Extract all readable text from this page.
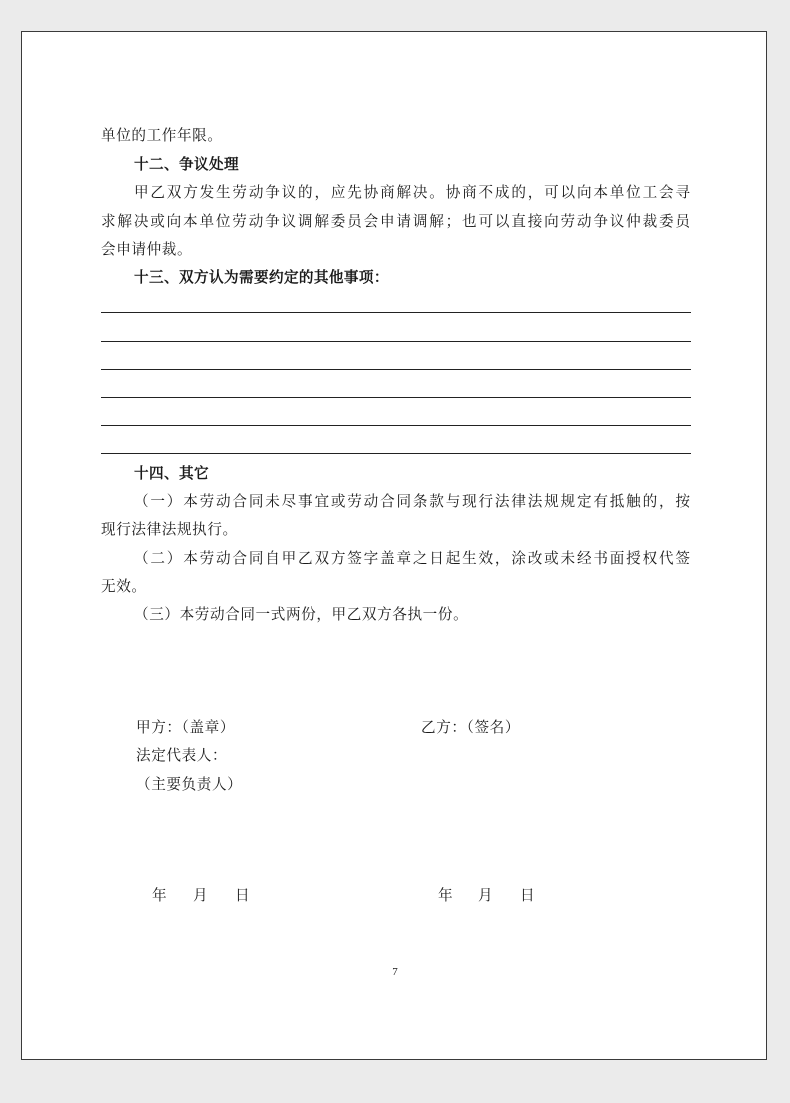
单位的工作年限。
十二、争议处理
甲乙双方发生劳动争议的，应先协商解决。协商不成的，可以向本单位工会寻
求解决或向本单位劳动争议调解委员会申请调解；也可以直接向劳动争议仲裁委员
会申请仲裁。
十三、双方认为需要约定的其他事项：
十四、其它
（一）本劳动合同未尽事宜或劳动合同条款与现行法律法规规定有抵触的，按
现行法律法规执行。
（二）本劳动合同自甲乙双方签字盖章之日起生效，涂改或未经书面授权代签
无效。
（三）本劳动合同一式两份，甲乙双方各执一份。
甲方：（盖章）	乙方：（签名）
法定代表人：
（主要负责人）
年 月 日	年 月 日
7
